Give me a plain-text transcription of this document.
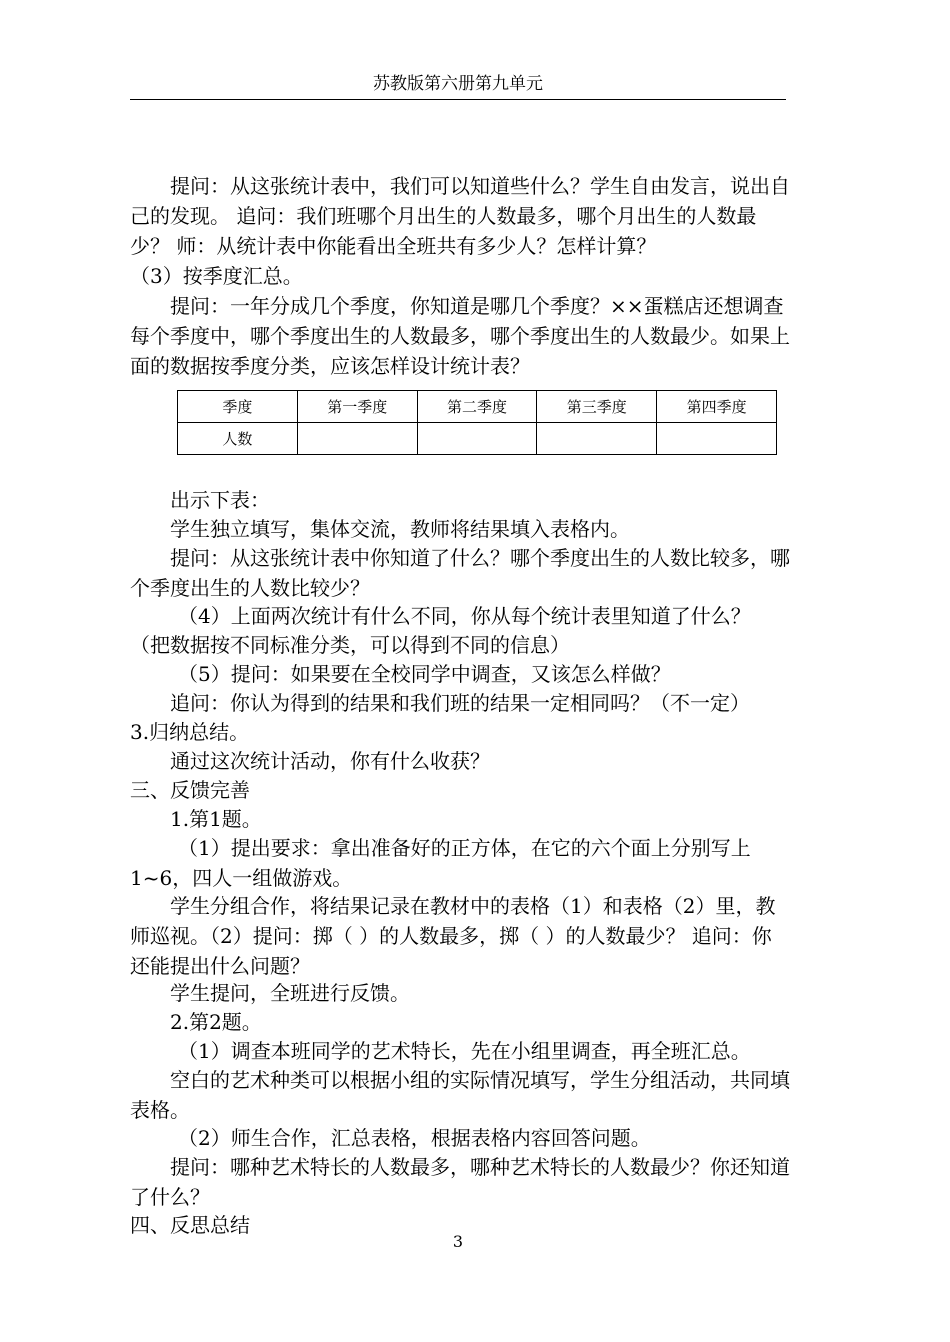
苏教版第六册第九单元

提问：从这张统计表中，我们可以知道些什么？学生自由发言，说出自己的发现。 追问：我们班哪个月出生的人数最多，哪个月出生的人数最少？ 师：从统计表中你能看出全班共有多少人？怎样计算？

（3）按季度汇总。

提问：一年分成几个季度，你知道是哪几个季度？××蛋糕店还想调查每个季度中，哪个季度出生的人数最多，哪个季度出生的人数最少。如果上面的数据按季度分类，应该怎样设计统计表？

季度	第一季度	第二季度	第三季度	第四季度
人数				

出示下表：

学生独立填写，集体交流，教师将结果填入表格内。

提问：从这张统计表中你知道了什么？哪个季度出生的人数比较多，哪个季度出生的人数比较少？

（4）上面两次统计有什么不同，你从每个统计表里知道了什么？

（把数据按不同标准分类，可以得到不同的信息）

（5）提问：如果要在全校同学中调查，又该怎么样做？

追问：你认为得到的结果和我们班的结果一定相同吗？（不一定）

3.归纳总结。

通过这次统计活动，你有什么收获？

三、反馈完善

1.第1题。

（1）提出要求：拿出准备好的正方体，在它的六个面上分别写上1~6，四人一组做游戏。

学生分组合作，将结果记录在教材中的表格（1）和表格（2）里，教师巡视。（2）提问：掷（ ）的人数最多，掷（ ）的人数最少？ 追问：你还能提出什么问题？

学生提问，全班进行反馈。

2.第2题。

（1）调查本班同学的艺术特长，先在小组里调查，再全班汇总。

空白的艺术种类可以根据小组的实际情况填写，学生分组活动，共同填表格。

（2）师生合作，汇总表格，根据表格内容回答问题。

提问：哪种艺术特长的人数最多，哪种艺术特长的人数最少？你还知道了什么？

四、反思总结

3
